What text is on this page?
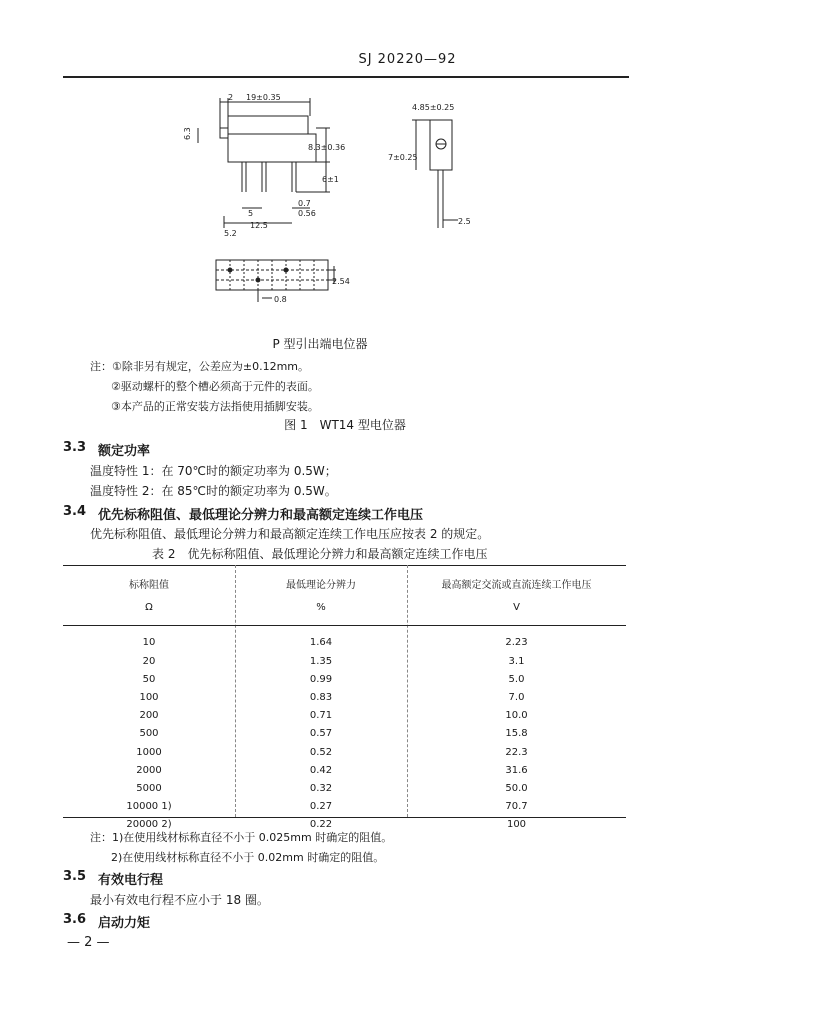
SJ 20220—92
2 19±0.35
6.3
8.3±0.36
6±1
0.7
0.56
5
12.5
5.2
4.85±0.25
7±0.25
2.5
2.54
0.8
P 型引出端电位器
注：①除非另有规定，公差应为±0.12mm。
②驱动螺杆的整个槽必须高于元件的表面。
③本产品的正常安装方法指使用插脚安装。
图 1　WT14 型电位器
3.3 额定功率
温度特性 1：在 70℃时的额定功率为 0.5W；
温度特性 2：在 85℃时的额定功率为 0.5W。
3.4 优先标称阻值、最低理论分辨力和最高额定连续工作电压
优先标称阻值、最低理论分辨力和最高额定连续工作电压应按表 2 的规定。
表 2　优先标称阻值、最低理论分辨力和最高额定连续工作电压
标称阻值	最低理论分辨力	最高额定交流或直流连续工作电压
Ω	%	V
10	1.64	2.23
20	1.35	3.1
50	0.99	5.0
100	0.83	7.0
200	0.71	10.0
500	0.57	15.8
1000	0.52	22.3
2000	0.42	31.6
5000	0.32	50.0
10000 1)	0.27	70.7
20000 2)	0.22	100
注：1)在使用线材标称直径不小于 0.025mm 时确定的阻值。
2)在使用线材标称直径不小于 0.02mm 时确定的阻值。
3.5 有效电行程
最小有效电行程不应小于 18 圈。
3.6 启动力矩
— 2 —
